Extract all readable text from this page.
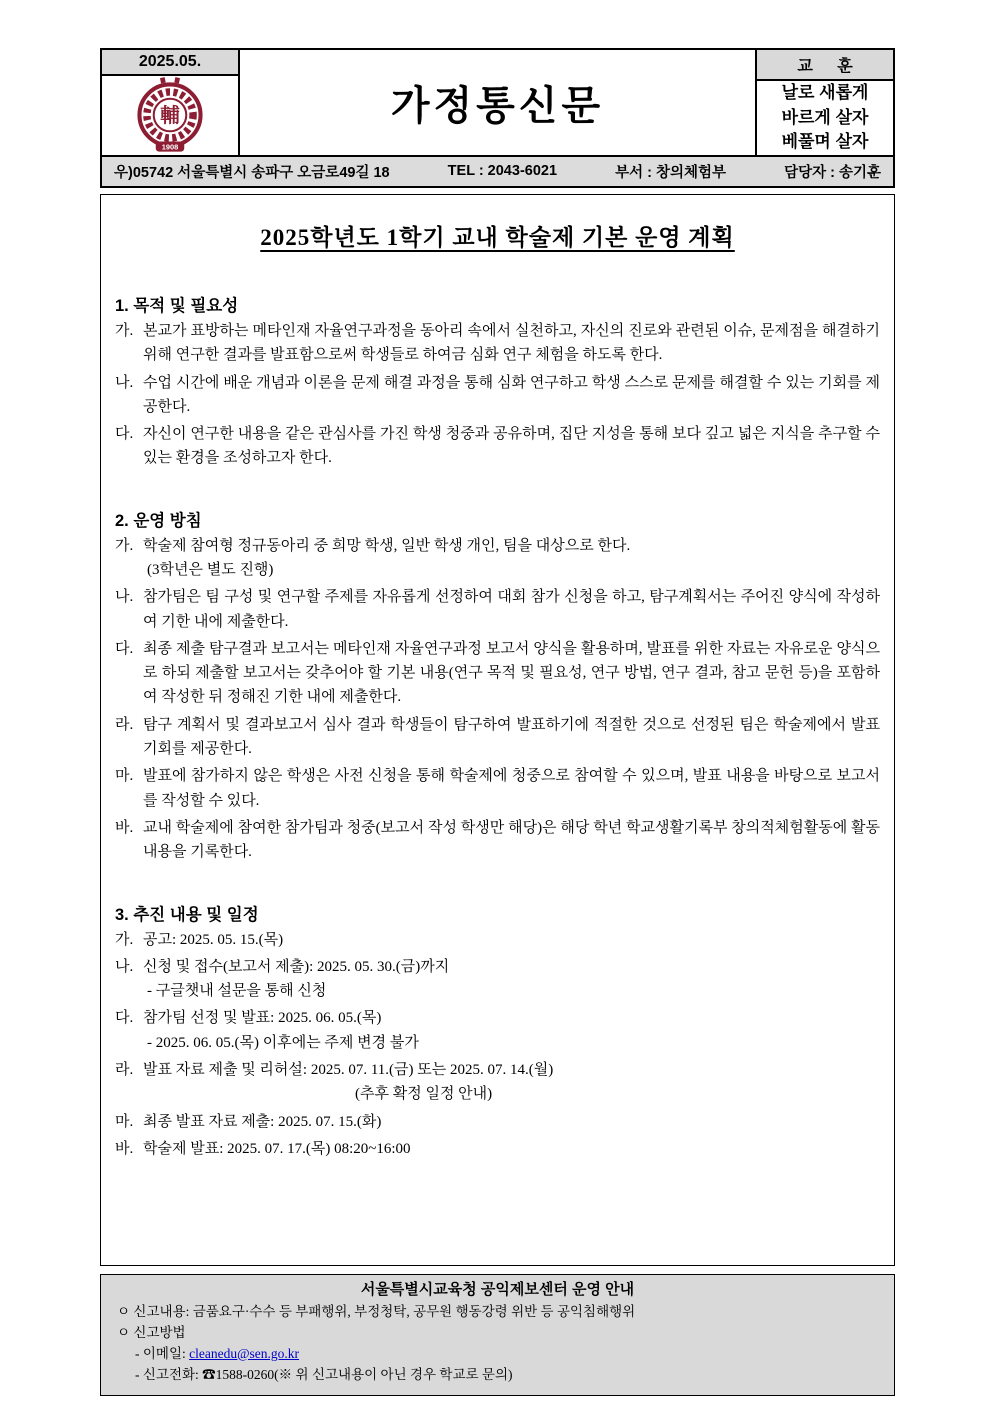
2025.05.
輔
1908
가정통신문
교 훈
날로 새롭게
바르게 살자
베풀며 살자
우)05742 서울특별시 송파구 오금로49길 18	TEL : 2043-6021	부서 : 창의체험부	담당자 : 송기훈
2025학년도 1학기 교내 학술제 기본 운영 계획
1. 목적 및 필요성
가. 본교가 표방하는 메타인재 자율연구과정을 동아리 속에서 실천하고, 자신의 진로와 관련된 이슈, 문제점을 해결하기 위해 연구한 결과를 발표함으로써 학생들로 하여금 심화 연구 체험을 하도록 한다.
나. 수업 시간에 배운 개념과 이론을 문제 해결 과정을 통해 심화 연구하고 학생 스스로 문제를 해결할 수 있는 기회를 제공한다.
다. 자신이 연구한 내용을 같은 관심사를 가진 학생 청중과 공유하며, 집단 지성을 통해 보다 깊고 넓은 지식을 추구할 수 있는 환경을 조성하고자 한다.
2. 운영 방침
가. 학술제 참여형 정규동아리 중 희망 학생, 일반 학생 개인, 팀을 대상으로 한다.
(3학년은 별도 진행)
나. 참가팀은 팀 구성 및 연구할 주제를 자유롭게 선정하여 대회 참가 신청을 하고, 탐구계획서는 주어진 양식에 작성하여 기한 내에 제출한다.
다. 최종 제출 탐구결과 보고서는 메타인재 자율연구과정 보고서 양식을 활용하며, 발표를 위한 자료는 자유로운 양식으로 하되 제출할 보고서는 갖추어야 할 기본 내용(연구 목적 및 필요성, 연구 방법, 연구 결과, 참고 문헌 등)을 포함하여 작성한 뒤 정해진 기한 내에 제출한다.
라. 탐구 계획서 및 결과보고서 심사 결과 학생들이 탐구하여 발표하기에 적절한 것으로 선정된 팀은 학술제에서 발표 기회를 제공한다.
마. 발표에 참가하지 않은 학생은 사전 신청을 통해 학술제에 청중으로 참여할 수 있으며, 발표 내용을 바탕으로 보고서를 작성할 수 있다.
바. 교내 학술제에 참여한 참가팀과 청중(보고서 작성 학생만 해당)은 해당 학년 학교생활기록부 창의적체험활동에 활동 내용을 기록한다.
3. 추진 내용 및 일정
가. 공고: 2025. 05. 15.(목)
나. 신청 및 접수(보고서 제출): 2025. 05. 30.(금)까지
- 구글챗내 설문을 통해 신청
다. 참가팀 선정 및 발표: 2025. 06. 05.(목)
- 2025. 06. 05.(목) 이후에는 주제 변경 불가
라. 발표 자료 제출 및 리허설: 2025. 07. 11.(금) 또는 2025. 07. 14.(월)
(추후 확정 일정 안내)
마. 최종 발표 자료 제출: 2025. 07. 15.(화)
바. 학술제 발표: 2025. 07. 17.(목) 08:20~16:00
서울특별시교육청 공익제보센터 운영 안내
ㅇ 신고내용: 금품요구·수수 등 부패행위, 부정청탁, 공무원 행동강령 위반 등 공익침해행위
ㅇ 신고방법
- 이메일: cleanedu@sen.go.kr
- 신고전화: ☎1588-0260(※ 위 신고내용이 아닌 경우 학교로 문의)
